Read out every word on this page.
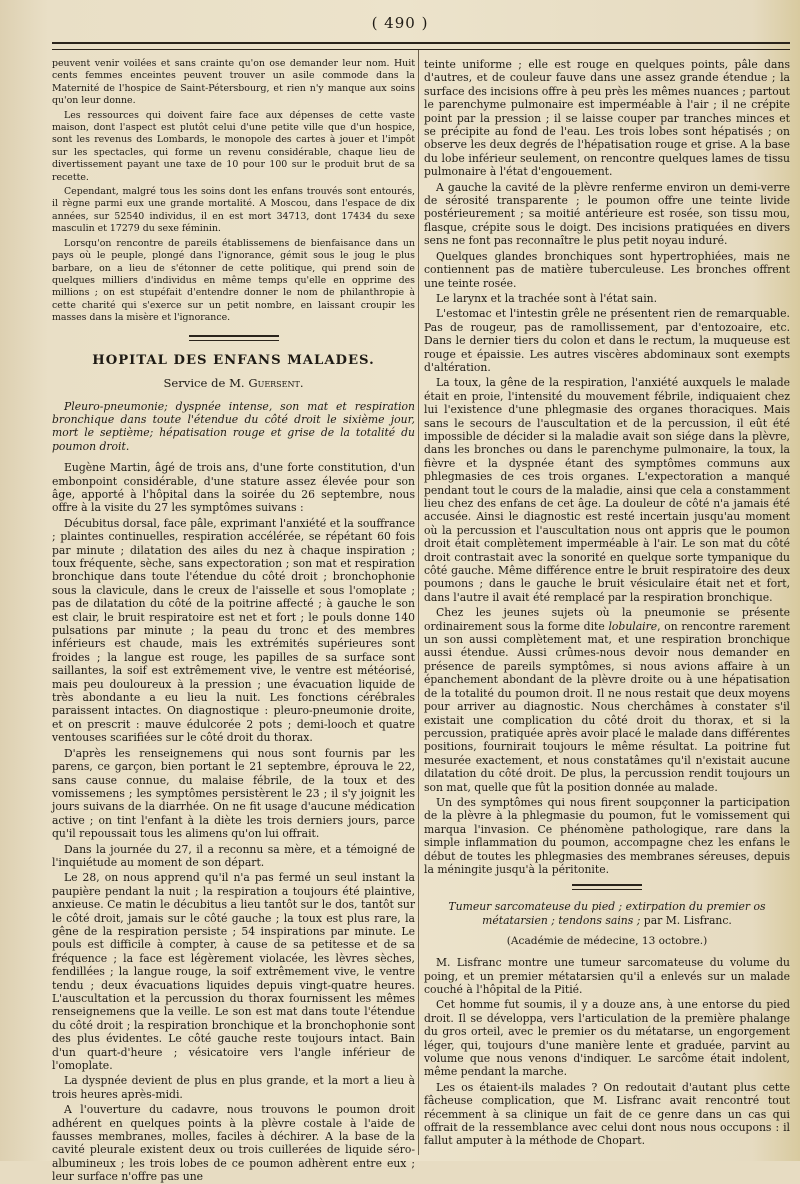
( 490 )

peuvent venir voilées et sans crainte qu'on ose demander leur nom. Huit cents femmes enceintes peuvent trouver un asile commode dans la Maternité de l'hospice de Saint-Pétersbourg, et rien n'y manque aux soins qu'on leur donne.

Les ressources qui doivent faire face aux dépenses de cette vaste maison, dont l'aspect est plutôt celui d'une petite ville que d'un hospice, sont les revenus des Lombards, le monopole des cartes à jouer et l'impôt sur les spectacles, qui forme un revenu considérable, chaque lieu de divertissement payant une taxe de 10 pour 100 sur le produit brut de sa recette.

Cependant, malgré tous les soins dont les enfans trouvés sont entourés, il règne parmi eux une grande mortalité. A Moscou, dans l'espace de dix années, sur 52540 individus, il en est mort 34713, dont 17434 du sexe masculin et 17279 du sexe féminin.

Lorsqu'on rencontre de pareils établissemens de bienfaisance dans un pays où le peuple, plongé dans l'ignorance, gémit sous le joug le plus barbare, on a lieu de s'étonner de cette politique, qui prend soin de quelques milliers d'individus en même temps qu'elle en opprime des millions ; on est stupéfait d'entendre donner le nom de philanthropie à cette charité qui s'exerce sur un petit nombre, en laissant croupir les masses dans la misère et l'ignorance.

HOPITAL DES ENFANS MALADES.
Service de M. Guersent.
Pleuro-pneumonie; dyspnée intense, son mat et respiration bronchique dans toute l'étendue du côté droit le sixième jour, mort le septième; hépatisation rouge et grise de la totalité du poumon droit.

Eugène Martin, âgé de trois ans, d'une forte constitution, d'un embonpoint considérable, d'une stature assez élevée pour son âge, apporté à l'hôpital dans la soirée du 26 septembre, nous offre à la visite du 27 les symptômes suivans :

Décubitus dorsal, face pâle, exprimant l'anxiété et la souffrance ; plaintes continuelles, respiration accélérée, se répétant 60 fois par minute ; dilatation des ailes du nez à chaque inspiration ; toux fréquente, sèche, sans expectoration ; son mat et respiration bronchique dans toute l'étendue du côté droit ; bronchophonie sous la clavicule, dans le creux de l'aisselle et sous l'omoplate ; pas de dilatation du côté de la poitrine affecté ; à gauche le son est clair, le bruit respiratoire est net et fort ; le pouls donne 140 pulsations par minute ; la peau du tronc et des membres inférieurs est chaude, mais les extrémités supérieures sont froides ; la langue est rouge, les papilles de sa surface sont saillantes, la soif est extrêmement vive, le ventre est météorisé, mais peu douloureux à la pression ; une évacuation liquide de très abondante a eu lieu la nuit. Les fonctions cérébrales paraissent intactes. On diagnostique : pleuro-pneumonie droite, et on prescrit : mauve édulcorée 2 pots ; demi-looch et quatre ventouses scarifiées sur le côté droit du thorax.

D'après les renseignemens qui nous sont fournis par les parens, ce garçon, bien portant le 21 septembre, éprouva le 22, sans cause connue, du malaise fébrile, de la toux et des vomissemens ; les symptômes persistèrent le 23 ; il s'y joignit les jours suivans de la diarrhée. On ne fit usage d'aucune médication active ; on tint l'enfant à la diète les trois derniers jours, parce qu'il repoussait tous les alimens qu'on lui offrait.

Dans la journée du 27, il a reconnu sa mère, et a témoigné de l'inquiétude au moment de son départ.

Le 28, on nous apprend qu'il n'a pas fermé un seul instant la paupière pendant la nuit ; la respiration a toujours été plaintive, anxieuse. Ce matin le décubitus a lieu tantôt sur le dos, tantôt sur le côté droit, jamais sur le côté gauche ; la toux est plus rare, la gêne de la respiration persiste ; 54 inspirations par minute. Le pouls est difficile à compter, à cause de sa petitesse et de sa fréquence ; la face est légèrement violacée, les lèvres sèches, fendillées ; la langue rouge, la soif extrêmement vive, le ventre tendu ; deux évacuations liquides depuis vingt-quatre heures. L'auscultation et la percussion du thorax fournissent les mêmes renseignemens que la veille. Le son est mat dans toute l'étendue du côté droit ; la respiration bronchique et la bronchophonie sont des plus évidentes. Le côté gauche reste toujours intact. Bain d'un quart-d'heure ; vésicatoire vers l'angle inférieur de l'omoplate.

La dyspnée devient de plus en plus grande, et la mort a lieu à trois heures après-midi.

A l'ouverture du cadavre, nous trouvons le poumon droit adhérent en quelques points à la plèvre costale à l'aide de fausses membranes, molles, faciles à déchirer. A la base de la cavité pleurale existent deux ou trois cuillerées de liquide séro-albumineux ; les trois lobes de ce poumon adhèrent entre eux ; leur surface n'offre pas une

teinte uniforme ; elle est rouge en quelques points, pâle dans d'autres, et de couleur fauve dans une assez grande étendue ; la surface des incisions offre à peu près les mêmes nuances ; partout le parenchyme pulmonaire est imperméable à l'air ; il ne crépite point par la pression ; il se laisse couper par tranches minces et se précipite au fond de l'eau. Les trois lobes sont hépatisés ; on observe les deux degrés de l'hépatisation rouge et grise. A la base du lobe inférieur seulement, on rencontre quelques lames de tissu pulmonaire à l'état d'engouement.

A gauche la cavité de la plèvre renferme environ un demi-verre de sérosité transparente ; le poumon offre une teinte livide postérieurement ; sa moitié antérieure est rosée, son tissu mou, flasque, crépite sous le doigt. Des incisions pratiquées en divers sens ne font pas reconnaître le plus petit noyau induré.

Quelques glandes bronchiques sont hypertrophiées, mais ne contiennent pas de matière tuberculeuse. Les bronches offrent une teinte rosée.

Le larynx et la trachée sont à l'état sain.

L'estomac et l'intestin grêle ne présentent rien de remarquable. Pas de rougeur, pas de ramollissement, par d'entozoaire, etc. Dans le dernier tiers du colon et dans le rectum, la muqueuse est rouge et épaissie. Les autres viscères abdominaux sont exempts d'altération.

La toux, la gêne de la respiration, l'anxiété auxquels le malade était en proie, l'intensité du mouvement fébrile, indiquaient chez lui l'existence d'une phlegmasie des organes thoraciques. Mais sans le secours de l'auscultation et de la percussion, il eût été impossible de décider si la maladie avait son siége dans la plèvre, dans les bronches ou dans le parenchyme pulmonaire, la toux, la fièvre et la dyspnée étant des symptômes communs aux phlegmasies de ces trois organes. L'expectoration a manqué pendant tout le cours de la maladie, ainsi que cela a constamment lieu chez des enfans de cet âge. La douleur de côté n'a jamais été accusée. Ainsi le diagnostic est resté incertain jusqu'au moment où la percussion et l'auscultation nous ont appris que le poumon droit était complètement imperméable à l'air. Le son mat du côté droit contrastait avec la sonorité en quelque sorte tympanique du côté gauche. Même différence entre le bruit respiratoire des deux poumons ; dans le gauche le bruit vésiculaire était net et fort, dans l'autre il avait été remplacé par la respiration bronchique.

Chez les jeunes sujets où la pneumonie se présente ordinairement sous la forme dite lobulaire, on rencontre rarement un son aussi complètement mat, et une respiration bronchique aussi étendue. Aussi crûmes-nous devoir nous demander en présence de pareils symptômes, si nous avions affaire à un épanchement abondant de la plèvre droite ou à une hépatisation de la totalité du poumon droit. Il ne nous restait que deux moyens pour arriver au diagnostic. Nous cherchâmes à constater s'il existait une complication du côté droit du thorax, et si la percussion, pratiquée après avoir placé le malade dans différentes positions, fournirait toujours le même résultat. La poitrine fut mesurée exactement, et nous constatâmes qu'il n'existait aucune dilatation du côté droit. De plus, la percussion rendit toujours un son mat, quelle que fût la position donnée au malade.

Un des symptômes qui nous firent soupçonner la participation de la plèvre à la phlegmasie du poumon, fut le vomissement qui marqua l'invasion. Ce phénomène pathologique, rare dans la simple inflammation du poumon, accompagne chez les enfans le début de toutes les phlegmasies des membranes séreuses, depuis la méningite jusqu'à la péritonite.

Tumeur sarcomateuse du pied ; extirpation du premier os métatarsien ; tendons sains ; par M. Lisfranc.
(Académie de médecine, 13 octobre.)

M. Lisfranc montre une tumeur sarcomateuse du volume du poing, et un premier métatarsien qu'il a enlevés sur un malade couché à l'hôpital de la Pitié.

Cet homme fut soumis, il y a douze ans, à une entorse du pied droit. Il se développa, vers l'articulation de la première phalange du gros orteil, avec le premier os du métatarse, un engorgement léger, qui, toujours d'une manière lente et graduée, parvint au volume que nous venons d'indiquer. Le sarcôme était indolent, même pendant la marche.

Les os étaient-ils malades ? On redoutait d'autant plus cette fâcheuse complication, que M. Lisfranc avait rencontré tout récemment à sa clinique un fait de ce genre dans un cas qui offrait de la ressemblance avec celui dont nous nous occupons : il fallut amputer à la méthode de Chopart.
